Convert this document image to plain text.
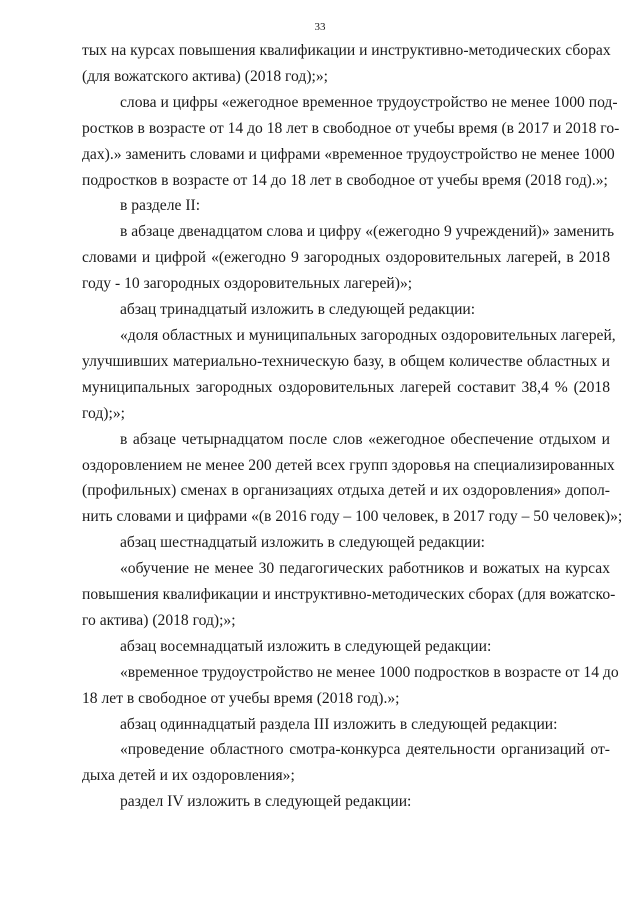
33
тых на курсах повышения квалификации и инструктивно-методических сборах
(для вожатского актива) (2018 год);»;
слова и цифры «ежегодное временное трудоустройство не менее 1000 под-
ростков в возрасте от 14 до 18 лет в свободное от учебы время (в 2017 и 2018 го-
дах).» заменить словами и цифрами «временное трудоустройство не менее 1000
подростков в возрасте от 14 до 18 лет в свободное от учебы время (2018 год).»;
в разделе II:
в абзаце двенадцатом слова и цифру «(ежегодно 9 учреждений)» заменить
словами и цифрой «(ежегодно 9 загородных оздоровительных лагерей, в 2018
году - 10 загородных оздоровительных лагерей)»;
абзац тринадцатый изложить в следующей редакции:
«доля областных и муниципальных загородных оздоровительных лагерей,
улучшивших материально-техническую базу, в общем количестве областных и
муниципальных загородных оздоровительных лагерей составит 38,4 % (2018
год);»;
в абзаце четырнадцатом после слов «ежегодное обеспечение отдыхом и
оздоровлением не менее 200 детей всех групп здоровья на специализированных
(профильных) сменах в организациях отдыха детей и их оздоровления» допол-
нить словами и цифрами «(в 2016 году – 100 человек, в 2017 году – 50 человек)»;
абзац шестнадцатый изложить в следующей редакции:
«обучение не менее 30 педагогических работников и вожатых на курсах
повышения квалификации и инструктивно-методических сборах (для вожатско-
го актива) (2018 год);»;
абзац восемнадцатый изложить в следующей редакции:
«временное трудоустройство не менее 1000 подростков в возрасте от 14 до
18 лет в свободное от учебы время (2018 год).»;
абзац одиннадцатый раздела III изложить в следующей редакции:
«проведение областного смотра-конкурса деятельности организаций от-
дыха детей и их оздоровления»;
раздел IV изложить в следующей редакции:
